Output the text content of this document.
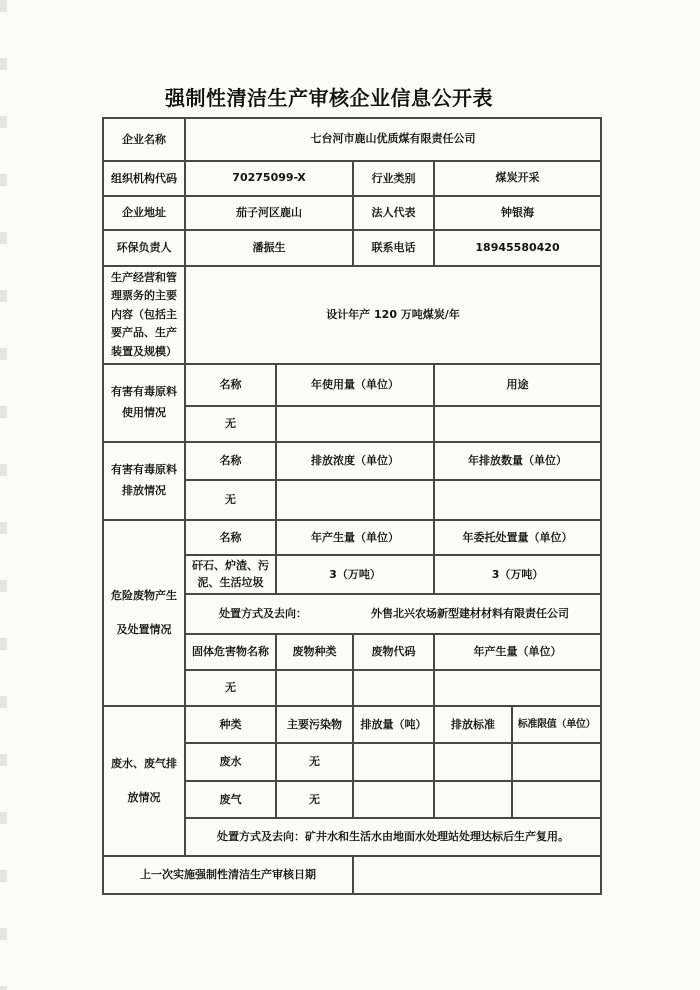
强制性清洁生产审核企业信息公开表
企业名称	七台河市鹿山优质煤有限责任公司				
组织机构代码	70275099-X		行业类别	煤炭开采	
企业地址	茄子河区鹿山		法人代表	钟银海	
环保负责人	潘振生		联系电话	18945580420	
生产经营和管理票务的主要内容（包括主要产品、生产装置及规模）	设计年产 120 万吨煤炭/年				
有害有毒原料使用情况	名称	年使用量（单位）		用途	
	无				
有害有毒原料排放情况	名称	排放浓度（单位）		年排放数量（单位）	
	无				
危险废物产生及处置情况	名称	年产生量（单位）		年委托处置量（单位）	
	矸石、炉渣、污泥、生活垃圾	3（万吨）		3（万吨）	
	处置方式及去向： 外售北兴农场新型建材材料有限责任公司				
	固体危害物名称	废物种类	废物代码	年产生量（单位）	
	无				
废水、废气排放情况	种类	主要污染物	排放量（吨）	排放标准	标准限值（单位）
	废水	无			
	废气	无			
	处置方式及去向：矿井水和生活水由地面水处理站处理达标后生产复用。				
上一次实施强制性清洁生产审核日期					
